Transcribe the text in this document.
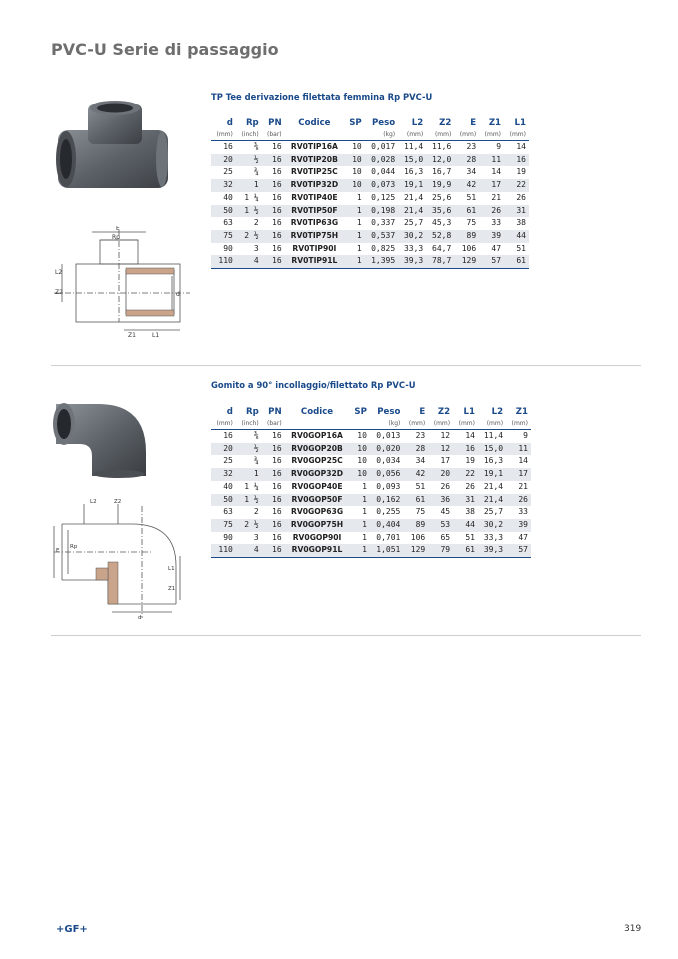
PVC-U Serie di passaggio
E
Rp
L2
Z2	d
Z1	L1
TP Tee derivazione filettata femmina Rp PVC-U
d	Rp	PN	Codice	SP	Peso	L2	Z2	E	Z1	L1
(mm)	(inch)	(bar)			(kg)	(mm)	(mm)	(mm)	(mm)	(mm)
16	⅜	16	RV0TIP16A	10	0,017	11,4	11,6	23	9	14
20	½	16	RV0TIP20B	10	0,028	15,0	12,0	28	11	16
25	¾	16	RV0TIP25C	10	0,044	16,3	16,7	34	14	19
32	1	16	RV0TIP32D	10	0,073	19,1	19,9	42	17	22
40	1 ¼	16	RV0TIP40E	1	0,125	21,4	25,6	51	21	26
50	1 ½	16	RV0TIP50F	1	0,198	21,4	35,6	61	26	31
63	2	16	RV0TIP63G	1	0,337	25,7	45,3	75	33	38
75	2 ½	16	RV0TIP75H	1	0,537	30,2	52,8	89	39	44
90	3	16	RV0TIP90I	1	0,825	33,3	64,7	106	47	51
110	4	16	RV0TIP91L	1	1,395	39,3	78,7	129	57	61
L2	Z2
E
Rp
L1
Z1
d
Gomito a 90° incollaggio/filettato Rp PVC-U
d	Rp	PN	Codice	SP	Peso	E	Z2	L1	L2	Z1
(mm)	(inch)	(bar)			(kg)	(mm)	(mm)	(mm)	(mm)	(mm)
16	⅜	16	RV0GOP16A	10	0,013	23	12	14	11,4	9
20	½	16	RV0GOP20B	10	0,020	28	12	16	15,0	11
25	¾	16	RV0GOP25C	10	0,034	34	17	19	16,3	14
32	1	16	RV0GOP32D	10	0,056	42	20	22	19,1	17
40	1 ¼	16	RV0GOP40E	1	0,093	51	26	26	21,4	21
50	1 ½	16	RV0GOP50F	1	0,162	61	36	31	21,4	26
63	2	16	RV0GOP63G	1	0,255	75	45	38	25,7	33
75	2 ½	16	RV0GOP75H	1	0,404	89	53	44	30,2	39
90	3	16	RV0GOP90I	1	0,701	106	65	51	33,3	47
110	4	16	RV0GOP91L	1	1,051	129	79	61	39,3	57
+GF+	319
